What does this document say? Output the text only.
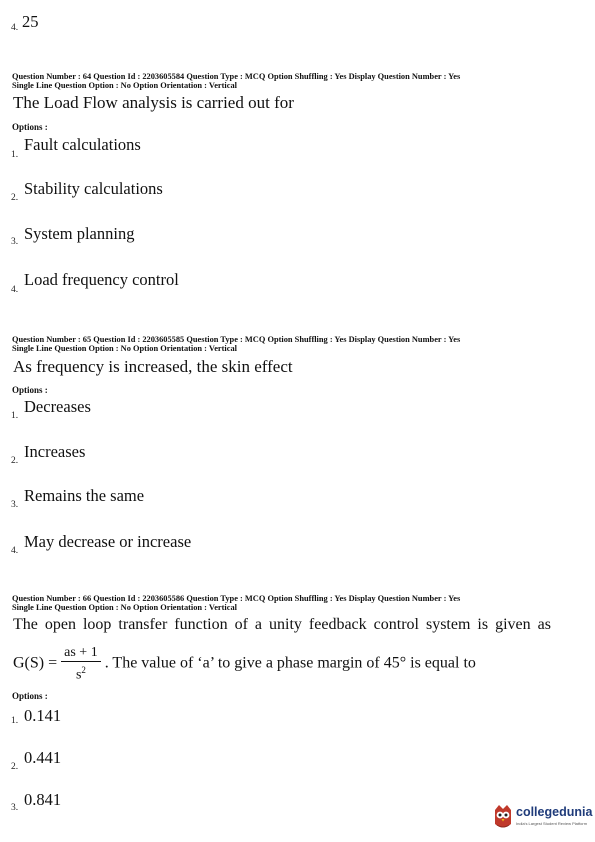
4. 25
Question Number : 64 Question Id : 2203605584 Question Type : MCQ Option Shuffling : Yes Display Question Number : Yes
Single Line Question Option : No Option Orientation : Vertical
The Load Flow analysis is carried out for
Options :
1.
Fault calculations
2. Stability calculations
3. System planning
4.
Load frequency control
Question Number : 65 Question Id : 2203605585 Question Type : MCQ Option Shuffling : Yes Display Question Number : Yes
Single Line Question Option : No Option Orientation : Vertical
As frequency is increased, the skin effect
Options :
1. Decreases
2. Increases
3. Remains the same
4. May decrease or increase
Question Number : 66 Question Id : 2203605586 Question Type : MCQ Option Shuffling : Yes Display Question Number : Yes
Single Line Question Option : No Option Orientation : Vertical
The open loop transfer function of a unity feedback control system is given as
$G(S) = \frac{as + 1}{s^2}$ . The value of ‘a’ to give a phase margin of 45° is equal to
Options :
1. 0.141
2. 0.441
3. 0.841
collegedunia
India's Largest Student Review Platform
